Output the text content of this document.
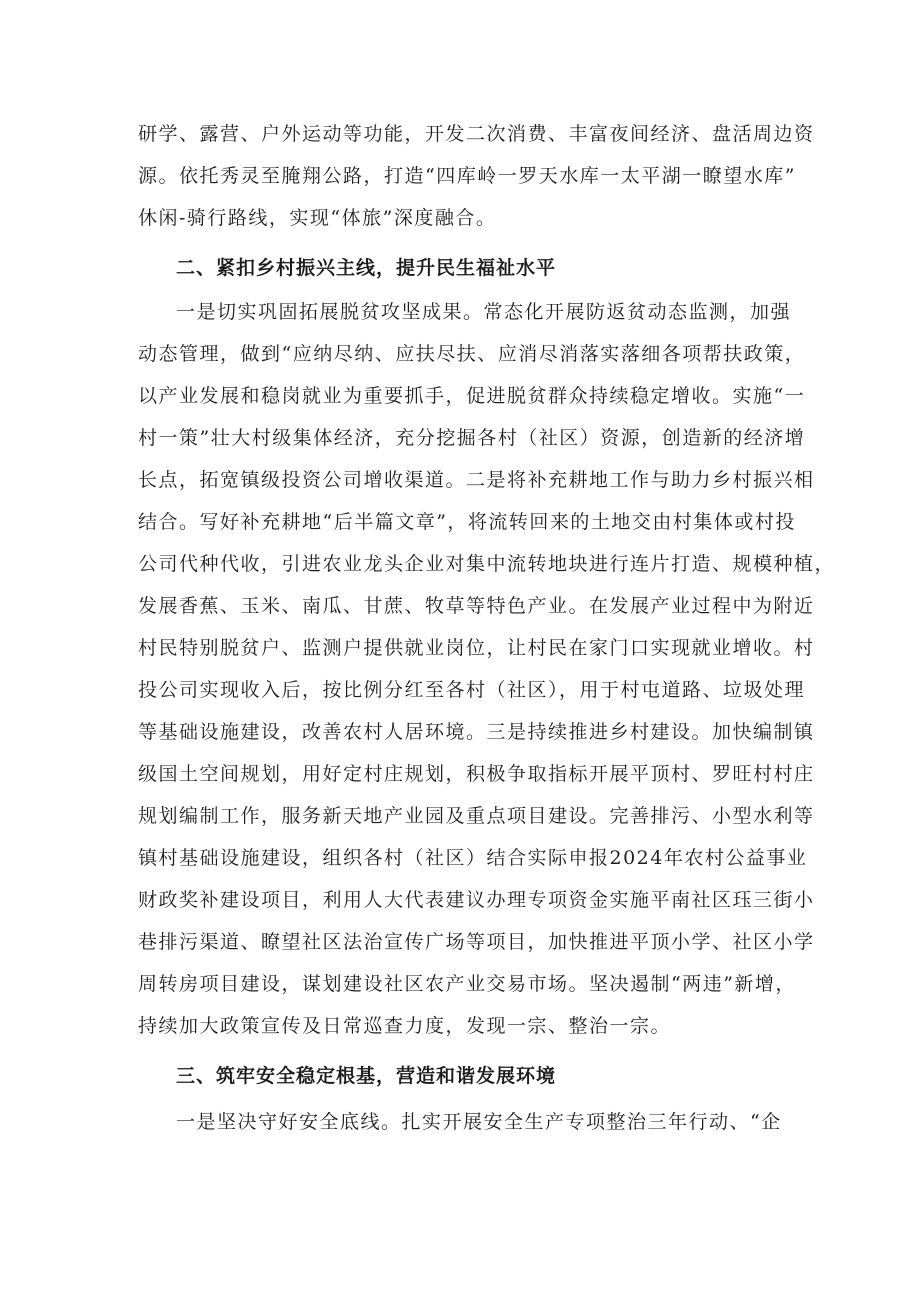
研学、露营、户外运动等功能，开发二次消费、丰富夜间经济、盘活周边资
源。依托秀灵至腌翔公路，打造“四库岭一罗天水库一太平湖一瞭望水库”
休闲-骑行路线，实现“体旅”深度融合。
二、紧扣乡村振兴主线，提升民生福祉水平
一是切实巩固拓展脱贫攻坚成果。常态化开展防返贫动态监测，加强
动态管理，做到“应纳尽纳、应扶尽扶、应消尽消落实落细各项帮扶政策，
以产业发展和稳岗就业为重要抓手，促进脱贫群众持续稳定增收。实施“一
村一策”壮大村级集体经济，充分挖掘各村（社区）资源，创造新的经济增
长点，拓宽镇级投资公司增收渠道。二是将补充耕地工作与助力乡村振兴相
结合。写好补充耕地“后半篇文章”，将流转回来的土地交由村集体或村投
公司代种代收，引进农业龙头企业对集中流转地块进行连片打造、规模种植，
发展香蕉、玉米、南瓜、甘蔗、牧草等特色产业。在发展产业过程中为附近
村民特别脱贫户、监测户提供就业岗位，让村民在家门口实现就业增收。村
投公司实现收入后，按比例分红至各村（社区），用于村屯道路、垃圾处理
等基础设施建设，改善农村人居环境。三是持续推进乡村建设。加快编制镇
级国土空间规划，用好定村庄规划，积极争取指标开展平顶村、罗旺村村庄
规划编制工作，服务新天地产业园及重点项目建设。完善排污、小型水利等
镇村基础设施建设，组织各村（社区）结合实际申报2024年农村公益事业
财政奖补建设项目，利用人大代表建议办理专项资金实施平南社区珏三街小
巷排污渠道、瞭望社区法治宣传广场等项目，加快推进平顶小学、社区小学
周转房项目建设，谋划建设社区农产业交易市场。坚决遏制“两违”新增，
持续加大政策宣传及日常巡查力度，发现一宗、整治一宗。
三、筑牢安全稳定根基，营造和谐发展环境
一是坚决守好安全底线。扎实开展安全生产专项整治三年行动、“企
